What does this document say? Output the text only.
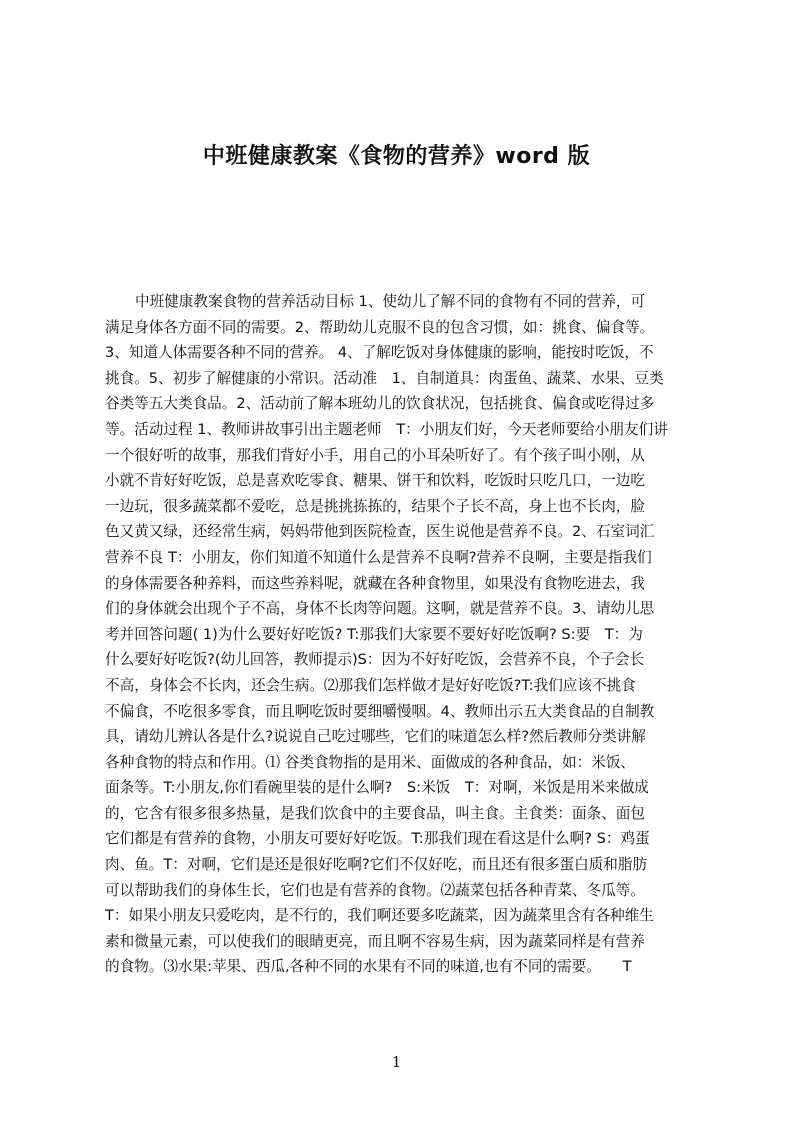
中班健康教案《食物的营养》word 版
中班健康教案食物的营养活动目标 1、使幼儿了解不同的食物有不同的营养，可
满足身体各方面不同的需要。2、帮助幼儿克服不良的包含习惯，如：挑食、偏食等。
3、知道人体需要各种不同的营养。 4、了解吃饭对身体健康的影响，能按时吃饭，不
挑食。5、初步了解健康的小常识。活动准　1、自制道具：肉蛋鱼、蔬菜、水果、豆类
谷类等五大类食品。2、活动前了解本班幼儿的饮食状况，包括挑食、偏食或吃得过多
等。活动过程 1、教师讲故事引出主题老师　T：小朋友们好，今天老师要给小朋友们讲
一个很好听的故事，那我们背好小手，用自己的小耳朵听好了。有个孩子叫小刚，从
小就不肯好好吃饭，总是喜欢吃零食、糖果、饼干和饮料，吃饭时只吃几口，一边吃
一边玩，很多蔬菜都不爱吃，总是挑挑拣拣的，结果个子长不高，身上也不长肉，脸
色又黄又绿，还经常生病，妈妈带他到医院检查，医生说他是营养不良。2、石室词汇
营养不良 T：小朋友，你们知道不知道什么是营养不良啊?营养不良啊，主要是指我们
的身体需要各种养料，而这些养料呢，就藏在各种食物里，如果没有食物吃进去，我
们的身体就会出现个子不高，身体不长肉等问题。这啊，就是营养不良。3、请幼儿思
考并回答问题( 1)为什么要好好吃饭? T:那我们大家要不要好好吃饭啊? S:要　T：为
什么要好好吃饭?(幼儿回答，教师提示)S：因为不好好吃饭，会营养不良，个子会长
不高，身体会不长肉，还会生病。⑵那我们怎样做才是好好吃饭?T:我们应该不挑食
不偏食，不吃很多零食，而且啊吃饭时要细嚼慢咽。4、教师出示五大类食品的自制教
具，请幼儿辨认各是什么?说说自己吃过哪些，它们的味道怎么样?然后教师分类讲解
各种食物的特点和作用。⑴ 谷类食物指的是用米、面做成的各种食品，如：米饭、
面条等。T:小朋友,你们看碗里装的是什么啊?　S:米饭　T：对啊，米饭是用米来做成
的，它含有很多很多热量，是我们饮食中的主要食品，叫主食。主食类：面条、面包
它们都是有营养的食物，小朋友可要好好吃饭。T:那我们现在看这是什么啊? S：鸡蛋
肉、鱼。T：对啊，它们是还是很好吃啊?它们不仅好吃，而且还有很多蛋白质和脂肪
可以帮助我们的身体生长，它们也是有营养的食物。⑵蔬菜包括各种青菜、冬瓜等。
T：如果小朋友只爱吃肉，是不行的，我们啊还要多吃蔬菜，因为蔬菜里含有各种维生
素和微量元素，可以使我们的眼睛更亮，而且啊不容易生病，因为蔬菜同样是有营养
的食物。⑶水果:苹果、西瓜,各种不同的水果有不同的味道,也有不同的需要。　　T
1
